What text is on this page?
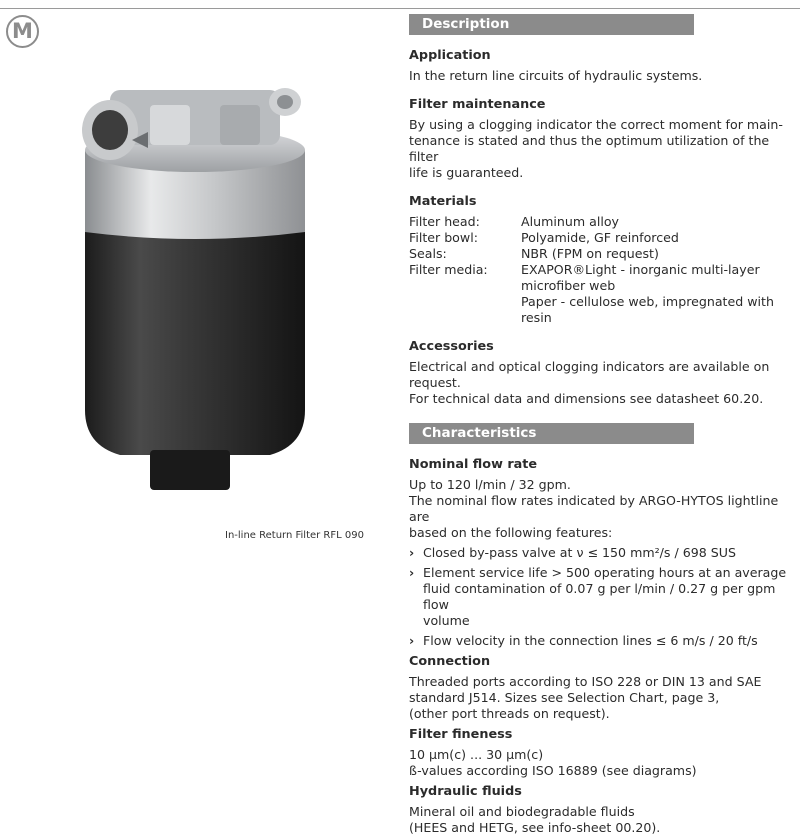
M
In-line Return Filter RFL 090
Description
Application

In the return line circuits of hydraulic systems.

Filter maintenance

By using a clogging indicator the correct moment for main-

tenance is stated and thus the optimum utilization of the filter

life is guaranteed.

Materials
Filter head:	Aluminum alloy
Filter bowl:	Polyamide, GF reinforced
Seals:	NBR (FPM on request)
Filter media:	EXAPOR®Light - inorganic multi-layer
	microfiber web
	Paper - cellulose web, impregnated with resin
Accessories

Electrical and optical clogging indicators are available on request.

For technical data and dimensions see datasheet 60.20.

Characteristics
Nominal flow rate

Up to 120 l/min / 32 gpm.

The nominal flow rates indicated by ARGO-HYTOS lightline are

based on the following features:

› Closed by-pass valve at ν ≤ 150 mm²/s / 698 SUS
› Element service life > 500 operating hours at an average
fluid contamination of 0.07 g per l/min / 0.27 g per gpm flow
volume
› Flow velocity in the connection lines ≤ 6 m/s / 20 ft/s
Connection

Threaded ports according to ISO 228 or DIN 13 and SAE

standard J514. Sizes see Selection Chart, page 3,

(other port threads on request).

Filter fineness

10 μm(c) ... 30 μm(c)

ß-values according ISO 16889 (see diagrams)

Hydraulic fluids

Mineral oil and biodegradable fluids

(HEES and HETG, see info-sheet 00.20).
